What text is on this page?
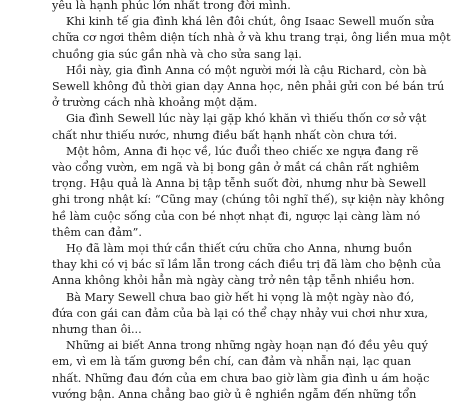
yêu là hạnh phúc lớn nhất trong đời mình.
Khi kinh tế gia đình khá lên đôi chút, ông Isaac Sewell muốn sửa
chữa cơ ngơi thêm diện tích nhà ở và khu trang trại, ông liền mua một
chuồng gia súc gần nhà và cho sửa sang lại.
Hồi này, gia đình Anna có một người mới là cậu Richard, còn bà
Sewell không đủ thời gian dạy Anna học, nên phải gửi con bé bán trú
ở trường cách nhà khoảng một dặm.
Gia đình Sewell lúc này lại gặp khó khăn vì thiếu thốn cơ sở vật
chất như thiếu nước, nhưng điều bất hạnh nhất còn chưa tới.
Một hôm, Anna đi học về, lúc đuổi theo chiếc xe ngựa đang rẽ
vào cổng vườn, em ngã và bị bong gân ở mắt cá chân rất nghiêm
trọng. Hậu quả là Anna bị tập tễnh suốt đời, nhưng như bà Sewell
ghi trong nhật kí: “Cũng may (chúng tôi nghĩ thế), sự kiện này không
hề làm cuộc sống của con bé nhợt nhạt đi, ngược lại càng làm nó
thêm can đảm”.
Họ đã làm mọi thứ cần thiết cứu chữa cho Anna, nhưng buồn
thay khi có vị bác sĩ lầm lẫn trong cách điều trị đã làm cho bệnh của
Anna không khỏi hẳn mà ngày càng trở nên tập tễnh nhiều hơn.
Bà Mary Sewell chưa bao giờ hết hi vọng là một ngày nào đó,
đứa con gái can đảm của bà lại có thể chạy nhảy vui chơi như xưa,
nhưng than ôi...
Những ai biết Anna trong những ngày hoạn nạn đó đều yêu quý
em, vì em là tấm gương bền chí, can đảm và nhẫn nại, lạc quan
nhất. Những đau đớn của em chưa bao giờ làm gia đình u ám hoặc
vướng bận. Anna chẳng bao giờ ủ ê nghiền ngẫm đến những tổn
